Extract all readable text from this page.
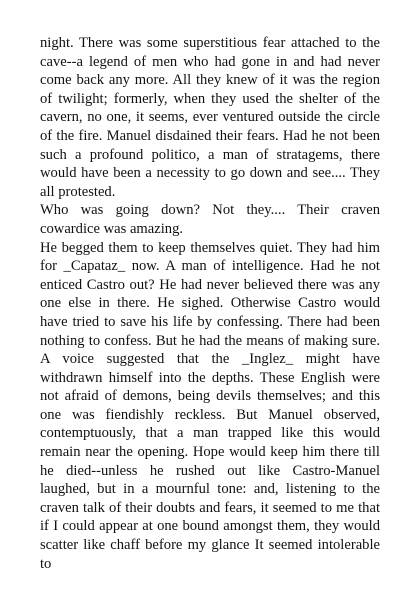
night. There was some superstitious fear attached to the cave--a legend of men who had gone in and had never come back any more. All they knew of it was the region of twilight; formerly, when they used the shelter of the cavern, no one, it seems, ever ventured outside the circle of the fire. Manuel disdained their fears. Had he not been such a profound politico, a man of stratagems, there would have been a necessity to go down and see.... They all protested.

Who was going down? Not they.... Their craven cowardice was amazing.

He begged them to keep themselves quiet. They had him for _Capataz_ now. A man of intelligence. Had he not enticed Castro out? He had never believed there was any one else in there. He sighed. Otherwise Castro would have tried to save his life by confessing. There had been nothing to confess. But he had the means of making sure. A voice suggested that the _Inglez_ might have withdrawn himself into the depths. These English were not afraid of demons, being devils themselves; and this one was fiendishly reckless. But Manuel observed, contemptuously, that a man trapped like this would remain near the opening. Hope would keep him there till he died--unless he rushed out like Castro-Manuel laughed, but in a mournful tone: and, listening to the craven talk of their doubts and fears, it seemed to me that if I could appear at one bound amongst them, they would scatter like chaff before my glance It seemed intolerable to
